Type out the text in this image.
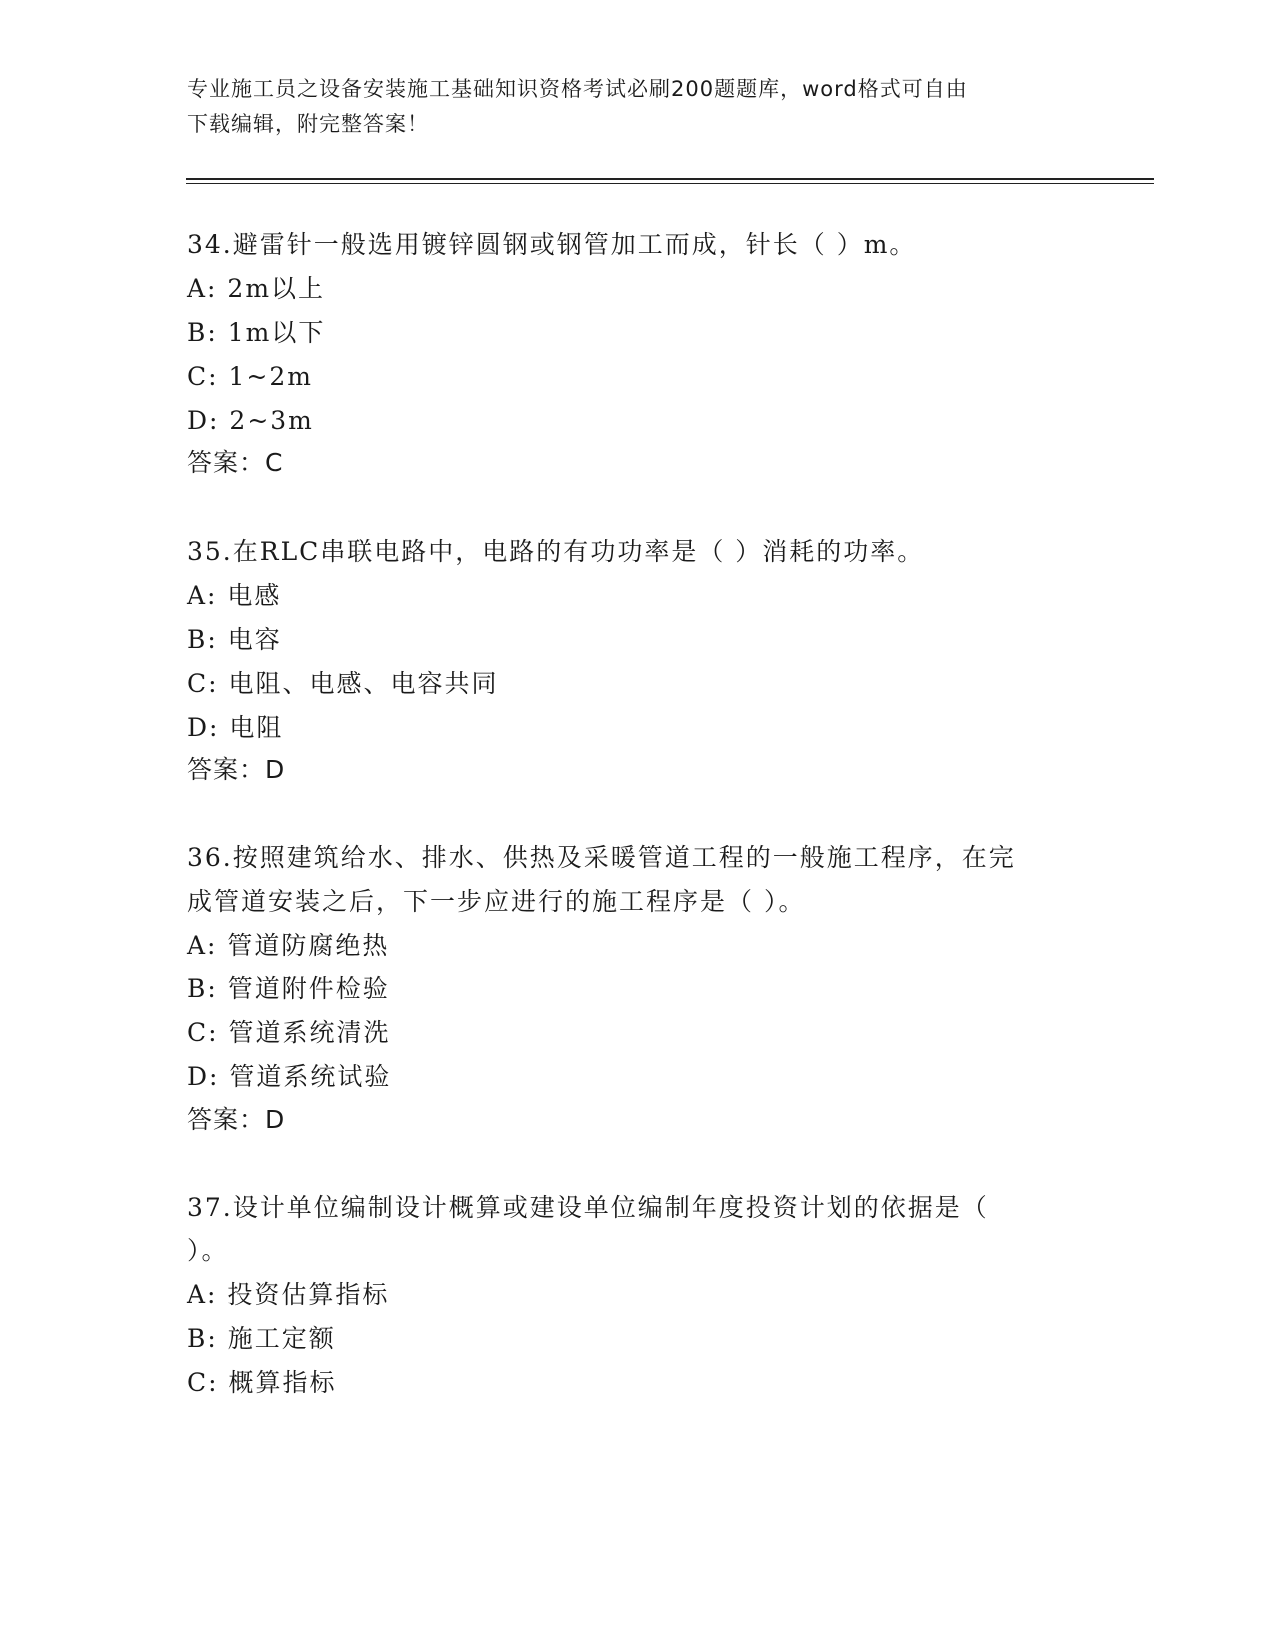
专业施工员之设备安装施工基础知识资格考试必刷200题题库，word格式可自由
下载编辑，附完整答案！
34.避雷针一般选用镀锌圆钢或钢管加工而成，针长（ ）m。
A: 2m以上
B: 1m以下
C: 1~2m
D: 2~3m
答案：C
35.在RLC串联电路中，电路的有功功率是（ ）消耗的功率。
A: 电感
B: 电容
C: 电阻、电感、电容共同
D: 电阻
答案：D
36.按照建筑给水、排水、供热及采暖管道工程的一般施工程序，在完
成管道安装之后，下一步应进行的施工程序是（ ）。
A: 管道防腐绝热
B: 管道附件检验
C: 管道系统清洗
D: 管道系统试验
答案：D
37.设计单位编制设计概算或建设单位编制年度投资计划的依据是（
）。
A: 投资估算指标
B: 施工定额
C: 概算指标
